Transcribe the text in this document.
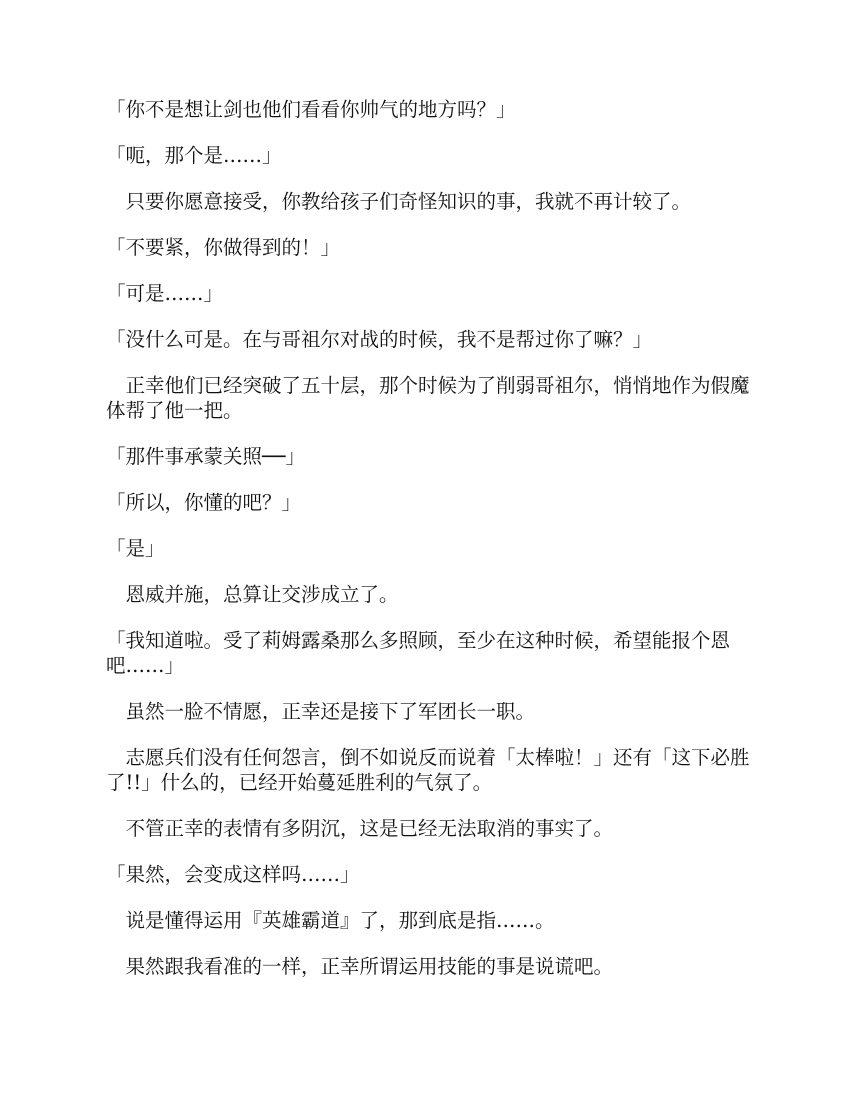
「你不是想让剑也他们看看你帅气的地方吗？」

「呃，那个是……」

　只要你愿意接受，你教给孩子们奇怪知识的事，我就不再计较了。

「不要紧，你做得到的！」

「可是……」

「没什么可是。在与哥祖尔对战的时候，我不是帮过你了嘛？」

　正幸他们已经突破了五十层，那个时候为了削弱哥祖尔，悄悄地作为假魔体帮了他一把。

「那件事承蒙关照──」

「所以，你懂的吧？」

「是」

　恩威并施，总算让交涉成立了。

「我知道啦。受了莉姆露桑那么多照顾，至少在这种时候，希望能报个恩吧……」

　虽然一脸不情愿，正幸还是接下了军团长一职。

　志愿兵们没有任何怨言，倒不如说反而说着「太棒啦！」还有「这下必胜了!!」什么的，已经开始蔓延胜利的气氛了。

　不管正幸的表情有多阴沉，这是已经无法取消的事实了。

「果然，会变成这样吗……」

　说是懂得运用『英雄霸道』了，那到底是指……。

　果然跟我看准的一样，正幸所谓运用技能的事是说谎吧。
